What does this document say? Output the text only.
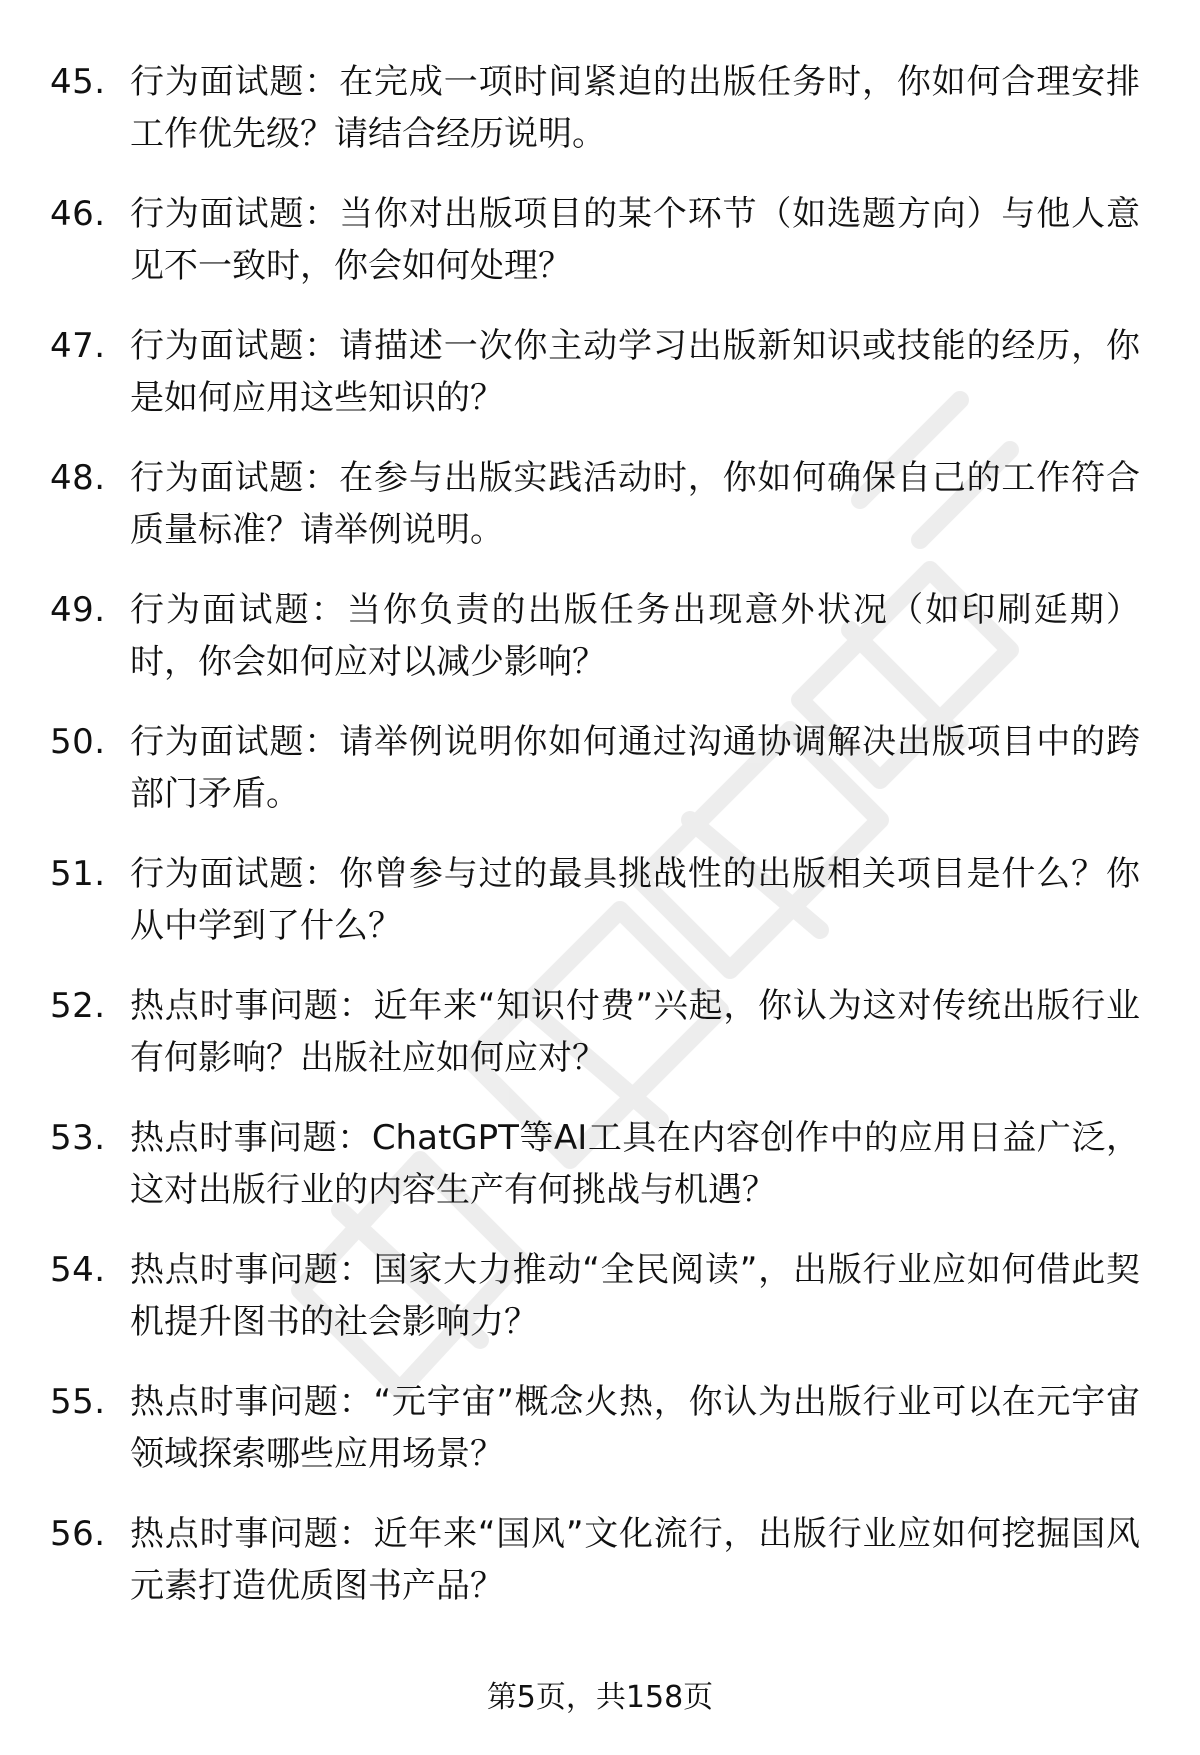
45. 行为面试题：在完成一项时间紧迫的出版任务时，你如何合理安排工作优先级？请结合经历说明。

46. 行为面试题：当你对出版项目的某个环节（如选题方向）与他人意见不一致时，你会如何处理？

47. 行为面试题：请描述一次你主动学习出版新知识或技能的经历，你是如何应用这些知识的？

48. 行为面试题：在参与出版实践活动时，你如何确保自己的工作符合质量标准？请举例说明。

49. 行为面试题：当你负责的出版任务出现意外状况（如印刷延期）时，你会如何应对以减少影响？

50. 行为面试题：请举例说明你如何通过沟通协调解决出版项目中的跨部门矛盾。

51. 行为面试题：你曾参与过的最具挑战性的出版相关项目是什么？你从中学到了什么？

52. 热点时事问题：近年来“知识付费”兴起，你认为这对传统出版行业有何影响？出版社应如何应对？

53. 热点时事问题：ChatGPT等AI工具在内容创作中的应用日益广泛，这对出版行业的内容生产有何挑战与机遇？

54. 热点时事问题：国家大力推动“全民阅读”，出版行业应如何借此契机提升图书的社会影响力？

55. 热点时事问题：“元宇宙”概念火热，你认为出版行业可以在元宇宙领域探索哪些应用场景？

56. 热点时事问题：近年来“国风”文化流行，出版行业应如何挖掘国风元素打造优质图书产品？

第5页，共158页
